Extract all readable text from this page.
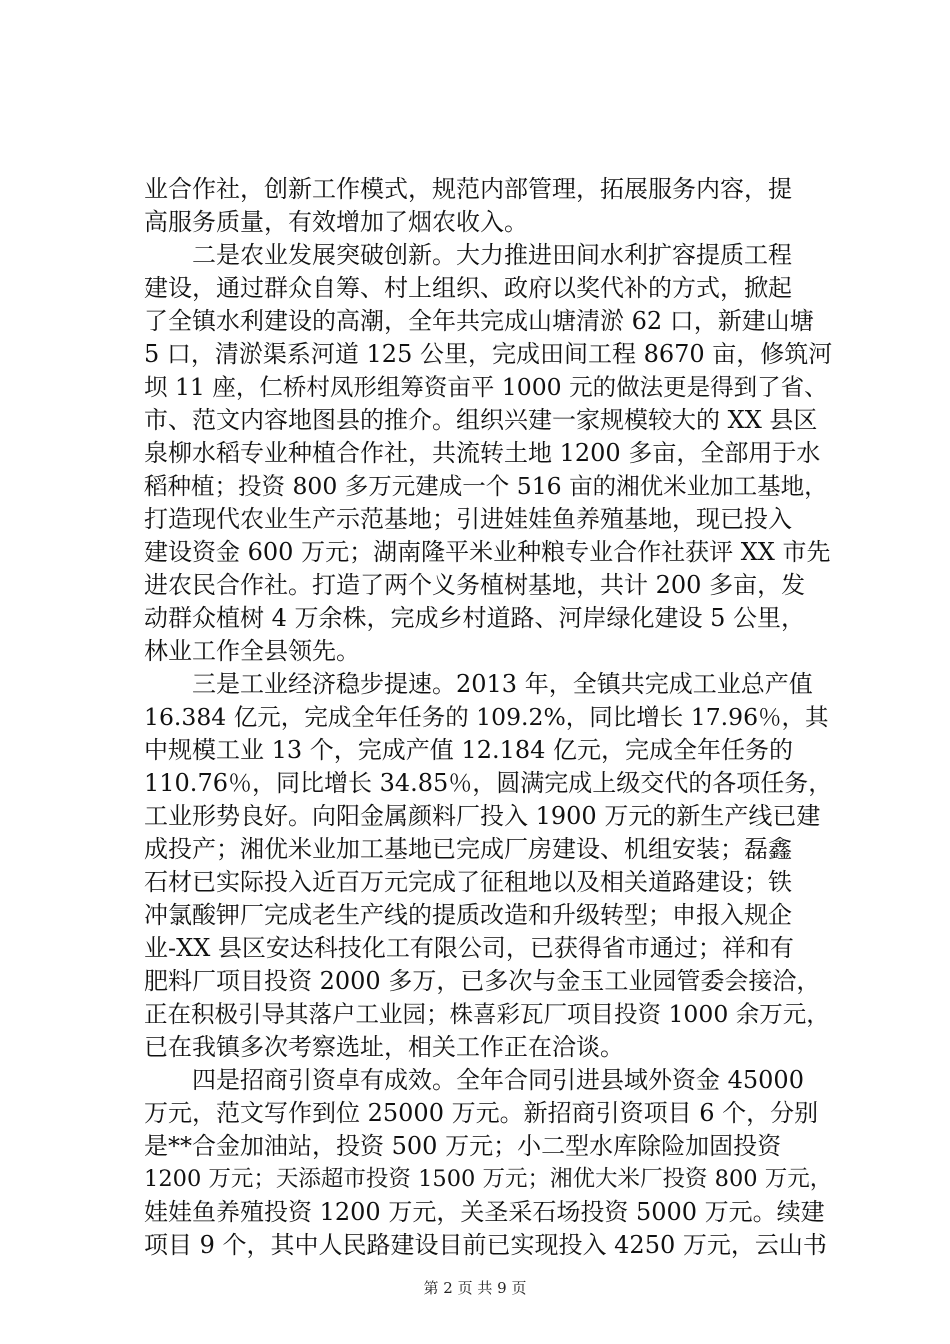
业合作社，创新工作模式，规范内部管理，拓展服务内容，提
高服务质量，有效增加了烟农收入。
二是农业发展突破创新。大力推进田间水利扩容提质工程
建设，通过群众自筹、村上组织、政府以奖代补的方式，掀起
了全镇水利建设的高潮，全年共完成山塘清淤 62 口，新建山塘
5 口，清淤渠系河道 125 公里，完成田间工程 8670 亩，修筑河
坝 11 座，仁桥村凤形组筹资亩平 1000 元的做法更是得到了省、
市、范文内容地图县的推介。组织兴建一家规模较大的 XX 县区
泉柳水稻专业种植合作社，共流转土地 1200 多亩，全部用于水
稻种植；投资 800 多万元建成一个 516 亩的湘优米业加工基地，
打造现代农业生产示范基地；引进娃娃鱼养殖基地，现已投入
建设资金 600 万元；湖南隆平米业种粮专业合作社获评 XX 市先
进农民合作社。打造了两个义务植树基地，共计 200 多亩，发
动群众植树 4 万余株，完成乡村道路、河岸绿化建设 5 公里，
林业工作全县领先。
三是工业经济稳步提速。2013 年，全镇共完成工业总产值
16.384 亿元，完成全年任务的 109.2%，同比增长 17.96％，其
中规模工业 13 个，完成产值 12.184 亿元，完成全年任务的
110.76％，同比增长 34.85％，圆满完成上级交代的各项任务，
工业形势良好。向阳金属颜料厂投入 1900 万元的新生产线已建
成投产；湘优米业加工基地已完成厂房建设、机组安装；磊鑫
石材已实际投入近百万元完成了征租地以及相关道路建设；铁
冲氯酸钾厂完成老生产线的提质改造和升级转型；申报入规企
业-XX 县区安达科技化工有限公司，已获得省市通过；祥和有
肥料厂项目投资 2000 多万，已多次与金玉工业园管委会接洽，
正在积极引导其落户工业园；株喜彩瓦厂项目投资 1000 余万元，
已在我镇多次考察选址，相关工作正在洽谈。
四是招商引资卓有成效。全年合同引进县域外资金 45000
万元，范文写作到位 25000 万元。新招商引资项目 6 个，分别
是**合金加油站，投资 500 万元；小二型水库除险加固投资
1200 万元；天添超市投资 1500 万元；湘优大米厂投资 800 万元，
娃娃鱼养殖投资 1200 万元，关圣采石场投资 5000 万元。续建
项目 9 个，其中人民路建设目前已实现投入 4250 万元，云山书
第 2 页 共 9 页
